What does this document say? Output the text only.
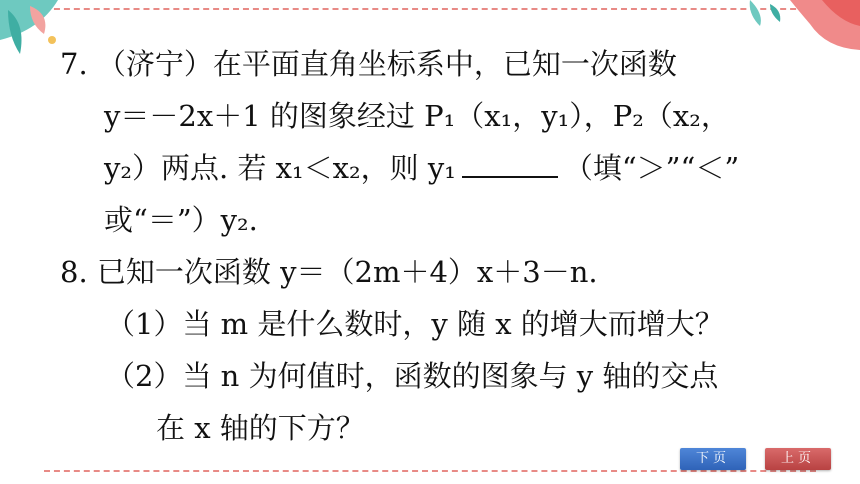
7. （济宁）在平面直角坐标系中，已知一次函数
y＝－2x＋1 的图象经过 P₁（x₁，y₁），P₂（x₂，
y₂）两点. 若 x₁＜x₂，则 y₁	（填“＞”“＜”
或“＝”）y₂.
8. 已知一次函数 y＝（2m＋4）x＋3－n.
（1）当 m 是什么数时，y 随 x 的增大而增大？
（2）当 n 为何值时，函数的图象与 y 轴的交点
在 x 轴的下方？
下页	上页
